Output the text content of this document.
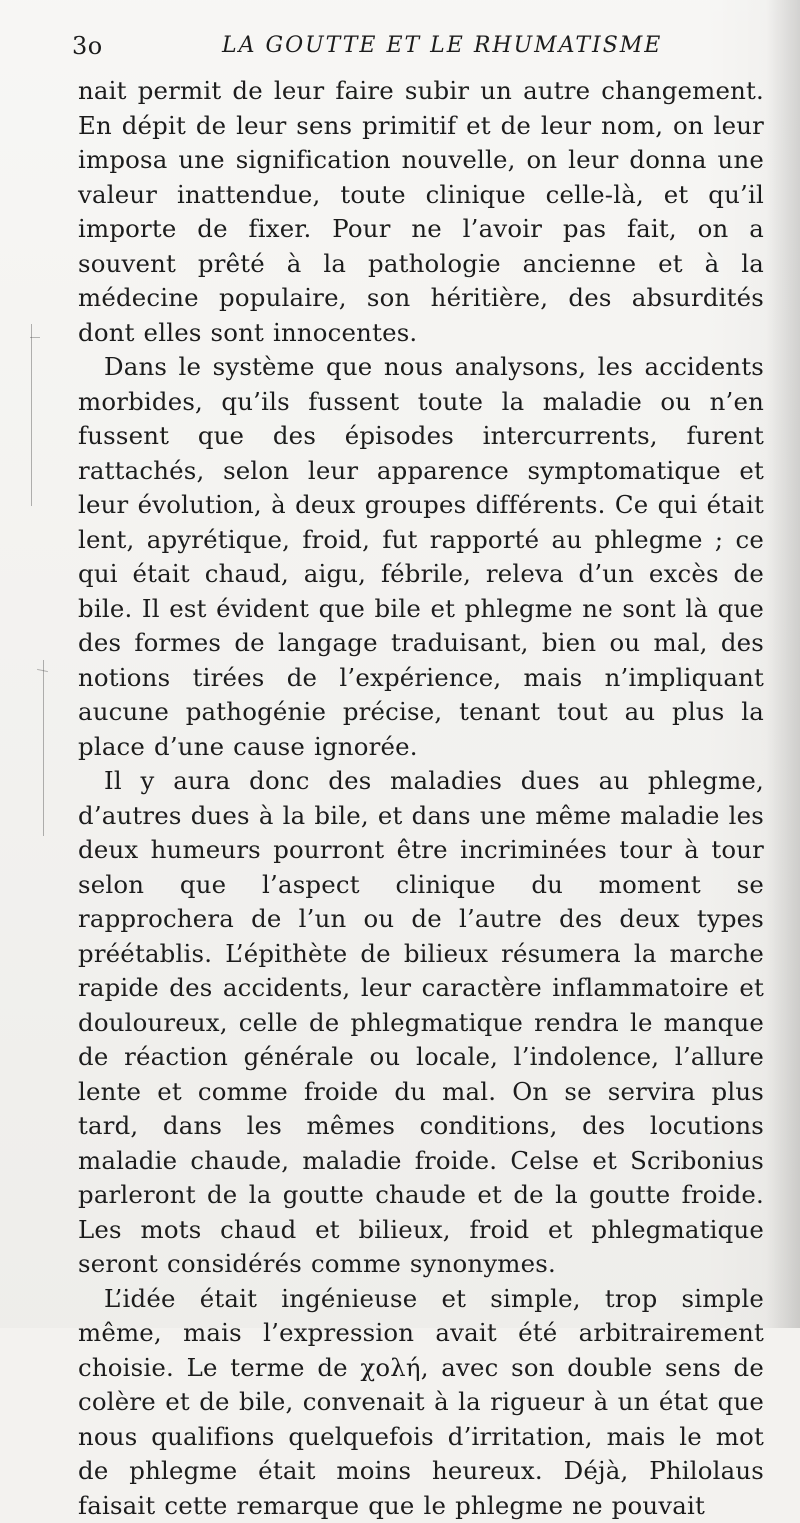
3o	LA GOUTTE ET LE RHUMATISME

nait permit de leur faire subir un autre changement. En dépit de leur sens primitif et de leur nom, on leur imposa une signification nouvelle, on leur donna une valeur inattendue, toute clinique celle-là, et qu’il importe de fixer. Pour ne l’avoir pas fait, on a souvent prêté à la pathologie ancienne et à la médecine populaire, son héritière, des absurdités dont elles sont innocentes.

Dans le système que nous analysons, les accidents morbides, qu’ils fussent toute la maladie ou n’en fussent que des épisodes intercurrents, furent rattachés, selon leur apparence symptomatique et leur évolution, à deux groupes différents. Ce qui était lent, apyrétique, froid, fut rapporté au phlegme ; ce qui était chaud, aigu, fébrile, releva d’un excès de bile. Il est évident que bile et phlegme ne sont là que des formes de langage traduisant, bien ou mal, des notions tirées de l’expérience, mais n’impliquant aucune pathogénie précise, tenant tout au plus la place d’une cause ignorée.

Il y aura donc des maladies dues au phlegme, d’autres dues à la bile, et dans une même maladie les deux humeurs pourront être incriminées tour à tour selon que l’aspect clinique du moment se rapprochera de l’un ou de l’autre des deux types préétablis. L’épithète de bilieux résumera la marche rapide des accidents, leur caractère inflammatoire et douloureux, celle de phlegmatique rendra le manque de réaction générale ou locale, l’indolence, l’allure lente et comme froide du mal. On se servira plus tard, dans les mêmes conditions, des locutions maladie chaude, maladie froide. Celse et Scribonius parleront de la goutte chaude et de la goutte froide. Les mots chaud et bilieux, froid et phlegmatique seront considérés comme synonymes.

L’idée était ingénieuse et simple, trop simple même, mais l’expression avait été arbitrairement choisie. Le terme de χολή, avec son double sens de colère et de bile, convenait à la rigueur à un état que nous qualifions quelquefois d’irritation, mais le mot de phlegme était moins heureux. Déjà, Philolaus faisait cette remarque que le phlegme ne pouvait
